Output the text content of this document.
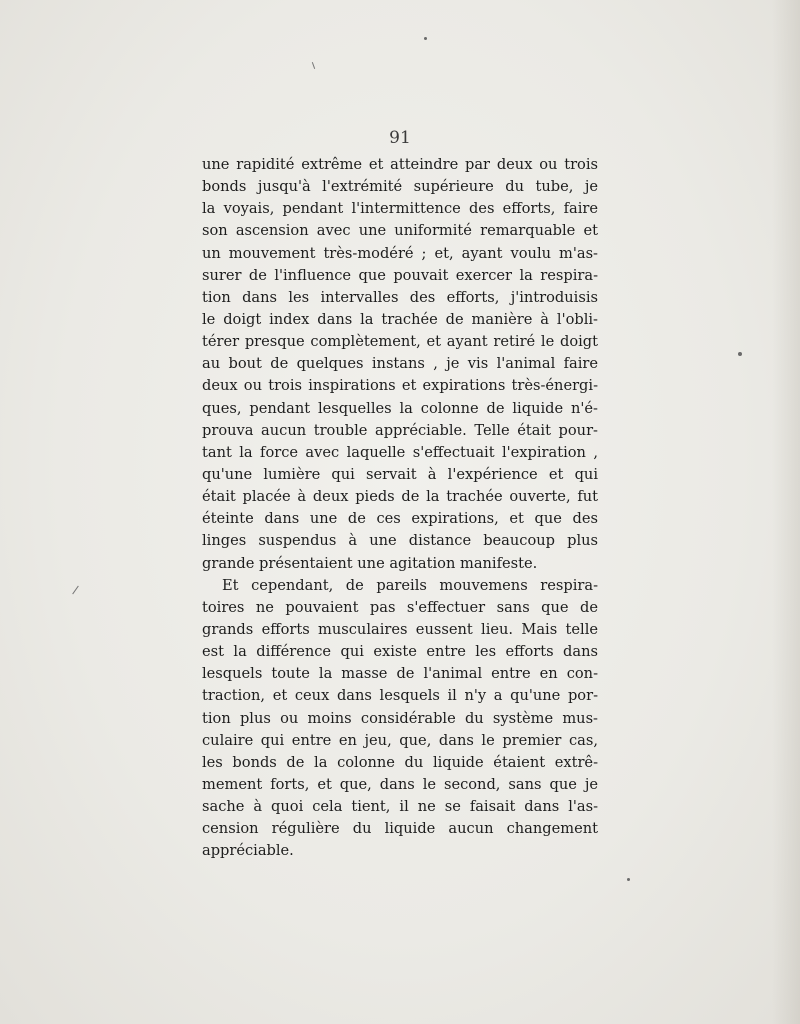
91
une rapidité extrême et atteindre par deux ou trois
bonds jusqu'à l'extrémité supérieure du tube, je
la voyais, pendant l'intermittence des efforts, faire
son ascension avec une uniformité remarquable et
un mouvement très-modéré ; et, ayant voulu m'as-
surer de l'influence que pouvait exercer la respira-
tion dans les intervalles des efforts, j'introduisis
le doigt index dans la trachée de manière à l'obli-
térer presque complètement, et ayant retiré le doigt
au bout de quelques instans , je vis l'animal faire
deux ou trois inspirations et expirations très-énergi-
ques, pendant lesquelles la colonne de liquide n'é-
prouva aucun trouble appréciable. Telle était pour-
tant la force avec laquelle s'effectuait l'expiration ,
qu'une lumière qui servait à l'expérience et qui
était placée à deux pieds de la trachée ouverte, fut
éteinte dans une de ces expirations, et que des
linges suspendus à une distance beaucoup plus
grande présentaient une agitation manifeste.
Et cependant, de pareils mouvemens respira-
toires ne pouvaient pas s'effectuer sans que de
grands efforts musculaires eussent lieu. Mais telle
est la différence qui existe entre les efforts dans
lesquels toute la masse de l'animal entre en con-
traction, et ceux dans lesquels il n'y a qu'une por-
tion plus ou moins considérable du système mus-
culaire qui entre en jeu, que, dans le premier cas,
les bonds de la colonne du liquide étaient extrê-
mement forts, et que, dans le second, sans que je
sache à quoi cela tient, il ne se faisait dans l'as-
cension régulière du liquide aucun changement
appréciable.
